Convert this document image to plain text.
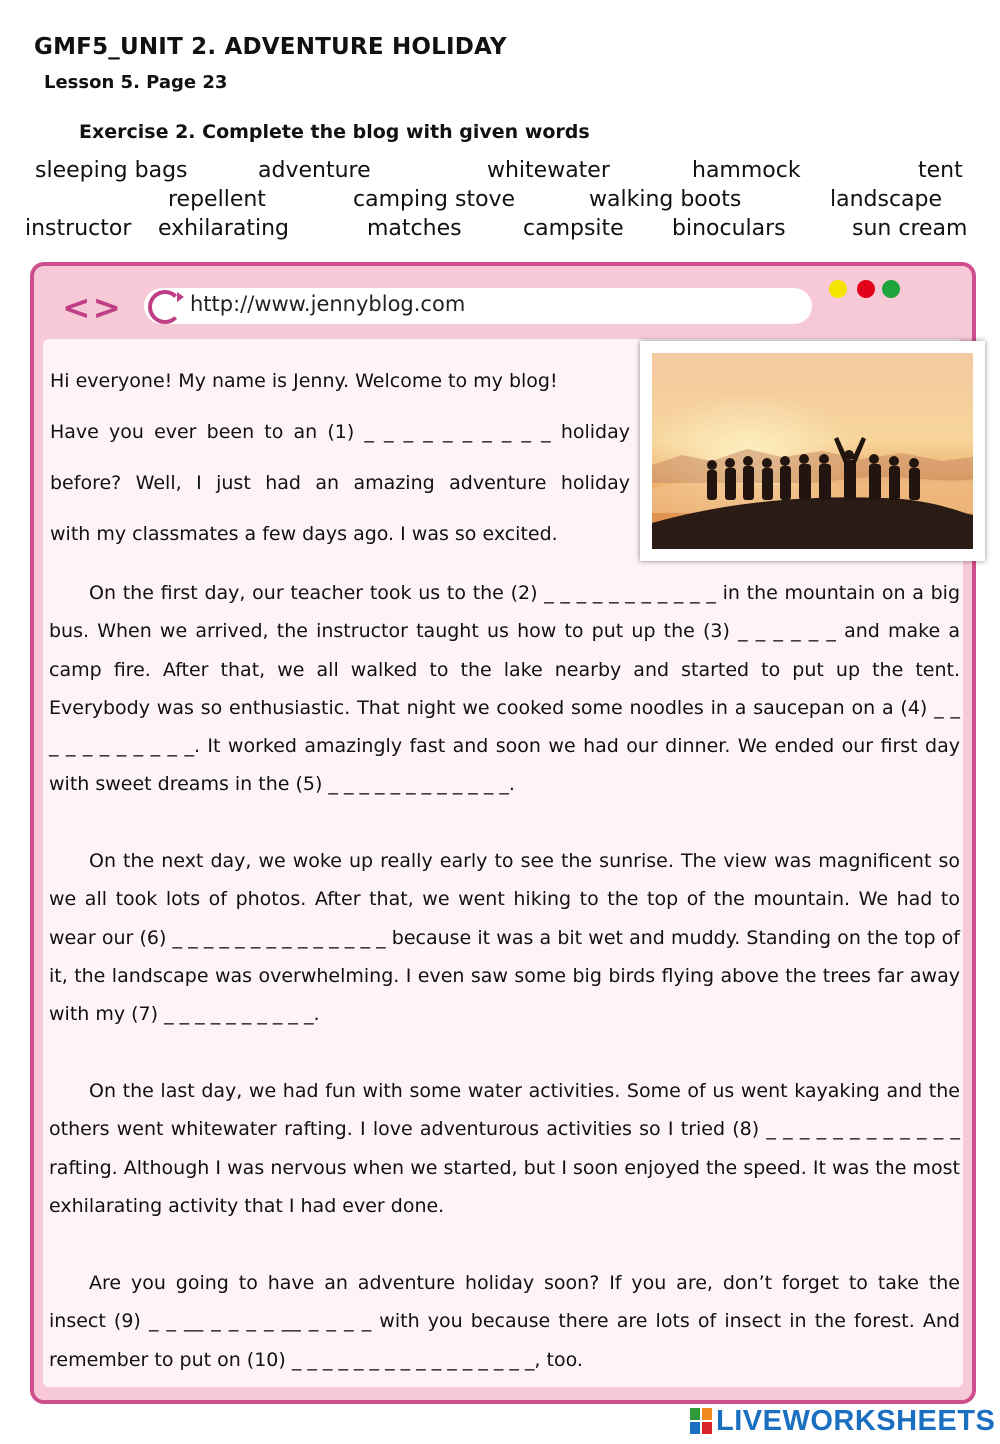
GMF5_UNIT 2. ADVENTURE HOLIDAY
Lesson 5. Page 23
Exercise 2. Complete the blog with given words
sleeping bags	adventure	whitewater	hammock	tent
repellent	camping stove	walking boots	landscape
instructor exhilarating	matches	campsite binoculars	sun cream
<>	http://www.jennyblog.com
Hi everyone! My name is Jenny. Welcome to my blog!
Have you ever been to an (1) _ _ _ _ _ _ _ _ _ _ holiday
before? Well, I just had an amazing adventure holiday
with my classmates a few days ago. I was so excited.

On the first day, our teacher took us to the (2) _ _ _ _ _ _ _ _ _ _ _ in the mountain on a big bus. When we arrived, the instructor taught us how to put up the (3) _ _ _ _ _ _ and make a camp fire. After that, we all walked to the lake nearby and started to put up the tent. Everybody was so enthusiastic. That night we cooked some noodles in a saucepan on a (4) _ _ _ _ _ _ _ _ _ _ _. It worked amazingly fast and soon we had our dinner. We ended our first day with sweet dreams in the (5) _ _ _ _ _ _ _ _ _ _ _ _.

On the next day, we woke up really early to see the sunrise. The view was magnificent so we all took lots of photos. After that, we went hiking to the top of the mountain. We had to wear our (6) _ _ _ _ _ _ _ _ _ _ _ _ _ _ because it was a bit wet and muddy. Standing on the top of it, the landscape was overwhelming. I even saw some big birds flying above the trees far away with my (7) _ _ _ _ _ _ _ _ _ _.

On the last day, we had fun with some water activities. Some of us went kayaking and the others went whitewater rafting. I love adventurous activities so I tried (8) _ _ _ _ _ _ _ _ _ _ _ _ rafting. Although I was nervous when we started, but I soon enjoyed the speed. It was the most exhilarating activity that I had ever done.

Are you going to have an adventure holiday soon? If you are, don’t forget to take the insect (9) _ _ __ _ _ _ _ __ _ _ _ _ with you because there are lots of insect in the forest. And remember to put on (10) _ _ _ _ _ _ _ _ _ _ _ _ _ _ _ _, too.

LIVEWORKSHEETS
